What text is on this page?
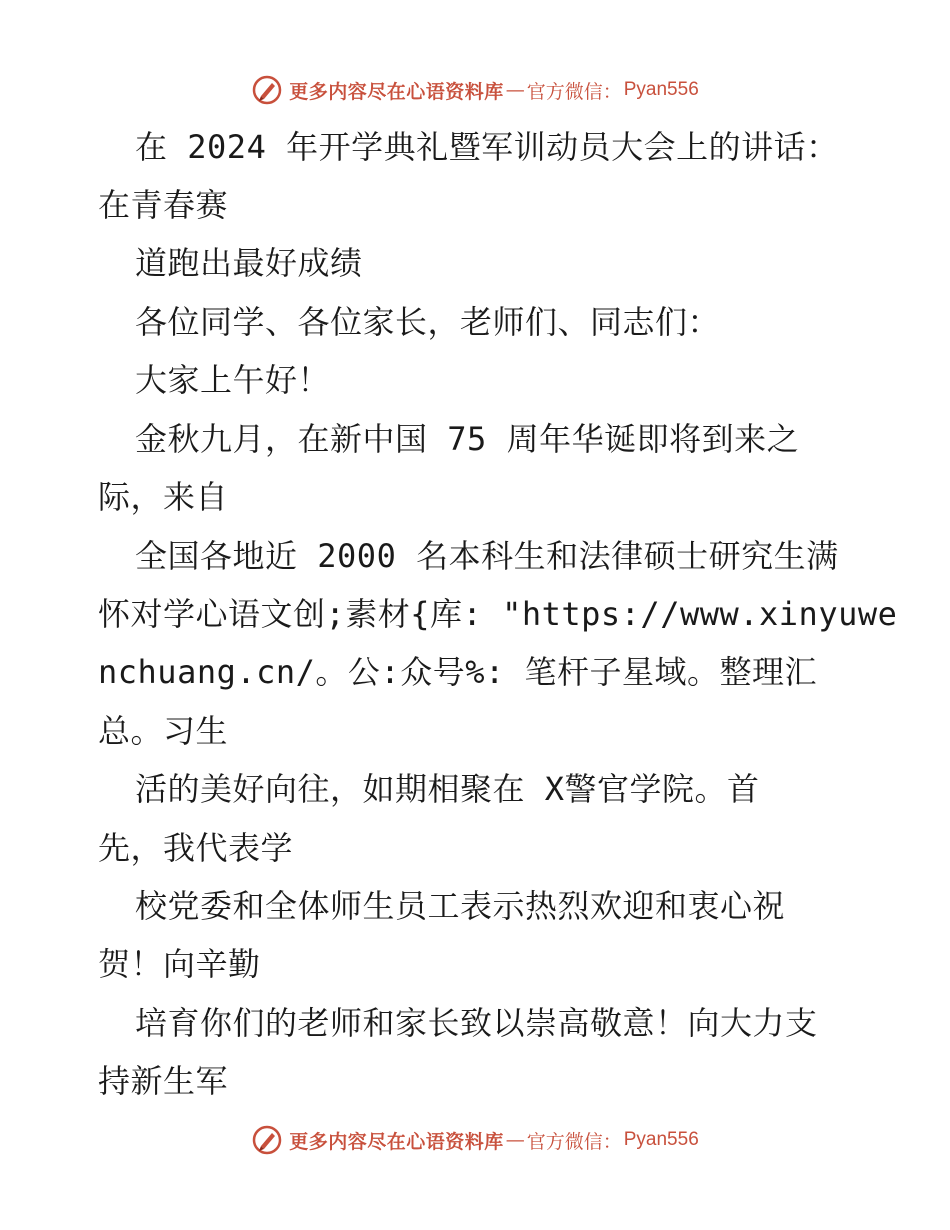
更多内容尽在心语资料库 — 官方微信： Pyan556
在 2024 年开学典礼暨军训动员大会上的讲话：
在青春赛
道跑出最好成绩
各位同学、各位家长，老师们、同志们：
大家上午好！
金秋九月，在新中国 75 周年华诞即将到来之
际，来自
全国各地近 2000 名本科生和法律硕士研究生满
怀对学心语文创;素材{库: "https://www.xinyuwe
nchuang.cn/。公:众号%: 笔杆子星域。整理汇
总。习生
活的美好向往，如期相聚在 X警官学院。首
先，我代表学
校党委和全体师生员工表示热烈欢迎和衷心祝
贺！向辛勤
培育你们的老师和家长致以崇高敬意！向大力支
持新生军
更多内容尽在心语资料库 — 官方微信： Pyan556
